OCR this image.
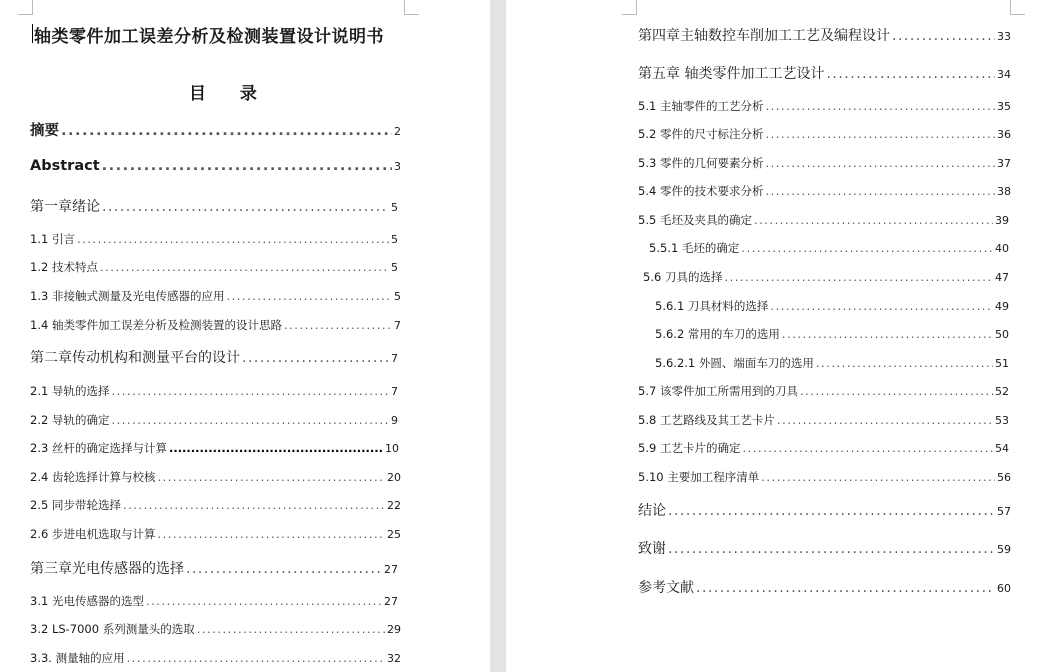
轴类零件加工误差分析及检测装置设计说明书
目 录
摘要 .....	2
Abstract .....	3
第一章绪论 .....	5
1.1 引言 .....	5
1.2 技术特点 .....	5
1.3 非接触式测量及光电传感器的应用 .....	5
1.4 轴类零件加工误差分析及检测装置的设计思路 .....	7
第二章传动机构和测量平台的设计 .....	7
2.1 导轨的选择 .....	7
2.2 导轨的确定 .....	9
2.3 丝杆的确定选择与计算 .....	10
2.4 齿轮选择计算与校核 .....	20
2.5 同步带轮选择 .....	22
2.6 步进电机选取与计算 .....	25
第三章光电传感器的选择 .....	27
3.1 光电传感器的选型 .....	27
3.2 LS-7000 系列测量头的选取 .....	29
3.3. 测量轴的应用 .....	32
第四章主轴数控车削加工工艺及编程设计 .....	33
第五章 轴类零件加工工艺设计 .....	34
5.1 主轴零件的工艺分析 .....	35
5.2 零件的尺寸标注分析 .....	36
5.3 零件的几何要素分析 .....	37
5.4 零件的技术要求分析 .....	38
5.5 毛坯及夹具的确定 .....	39
5.5.1 毛坯的确定 .....	40
5.6 刀具的选择 .....	47
5.6.1 刀具材料的选择 .....	49
5.6.2 常用的车刀的选用 .....	50
5.6.2.1 外圆、端面车刀的选用 .....	51
5.7 该零件加工所需用到的刀具 .....	52
5.8 工艺路线及其工艺卡片 .....	53
5.9 工艺卡片的确定 .....	54
5.10 主要加工程序清单 .....	56
结论 .....	57
致谢 .....	59
参考文献 .....	60
